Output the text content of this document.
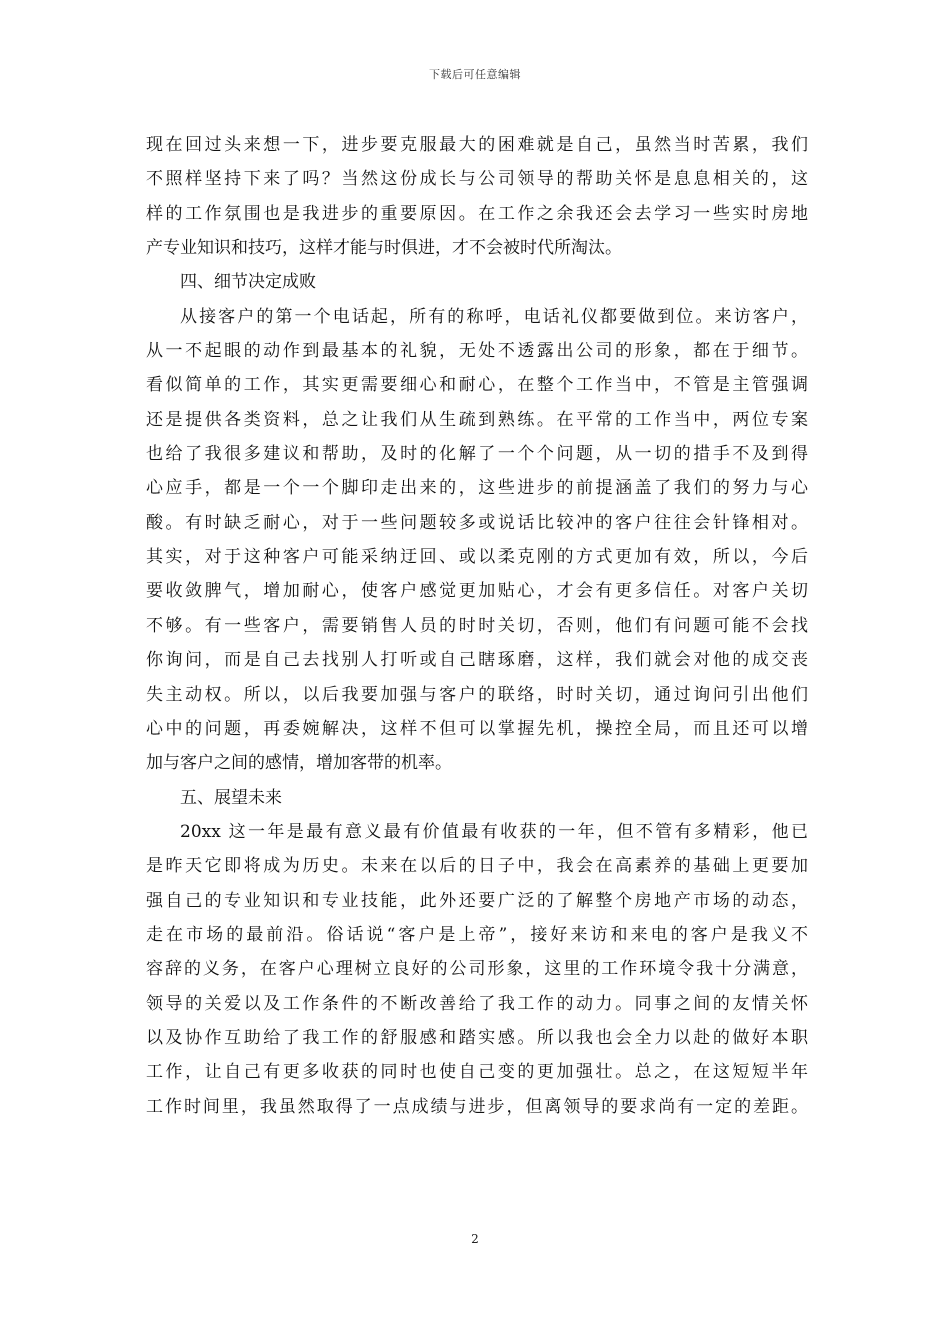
下载后可任意编辑
现在回过头来想一下，进步要克服最大的困难就是自己，虽然当时苦累，我们
不照样坚持下来了吗？当然这份成长与公司领导的帮助关怀是息息相关的，这
样的工作氛围也是我进步的重要原因。在工作之余我还会去学习一些实时房地
产专业知识和技巧，这样才能与时俱进，才不会被时代所淘汰。
四、细节决定成败
从接客户的第一个电话起，所有的称呼，电话礼仪都要做到位。来访客户，
从一不起眼的动作到最基本的礼貌，无处不透露出公司的形象，都在于细节。
看似简单的工作，其实更需要细心和耐心，在整个工作当中，不管是主管强调
还是提供各类资料，总之让我们从生疏到熟练。在平常的工作当中，两位专案
也给了我很多建议和帮助，及时的化解了一个个问题，从一切的措手不及到得
心应手，都是一个一个脚印走出来的，这些进步的前提涵盖了我们的努力与心
酸。有时缺乏耐心，对于一些问题较多或说话比较冲的客户往往会针锋相对。
其实，对于这种客户可能采纳迂回、或以柔克刚的方式更加有效，所以，今后
要收敛脾气，增加耐心，使客户感觉更加贴心，才会有更多信任。对客户关切
不够。有一些客户，需要销售人员的时时关切，否则，他们有问题可能不会找
你询问，而是自己去找别人打听或自己瞎琢磨，这样，我们就会对他的成交丧
失主动权。所以，以后我要加强与客户的联络，时时关切，通过询问引出他们
心中的问题，再委婉解决，这样不但可以掌握先机，操控全局，而且还可以增
加与客户之间的感情，增加客带的机率。
五、展望未来
20xx 这一年是最有意义最有价值最有收获的一年，但不管有多精彩，他已
是昨天它即将成为历史。未来在以后的日子中，我会在高素养的基础上更要加
强自己的专业知识和专业技能，此外还要广泛的了解整个房地产市场的动态，
走在市场的最前沿。俗话说“客户是上帝”，接好来访和来电的客户是我义不
容辞的义务，在客户心理树立良好的公司形象，这里的工作环境令我十分满意，
领导的关爱以及工作条件的不断改善给了我工作的动力。同事之间的友情关怀
以及协作互助给了我工作的舒服感和踏实感。所以我也会全力以赴的做好本职
工作，让自己有更多收获的同时也使自己变的更加强壮。总之，在这短短半年
工作时间里，我虽然取得了一点成绩与进步，但离领导的要求尚有一定的差距。
2
